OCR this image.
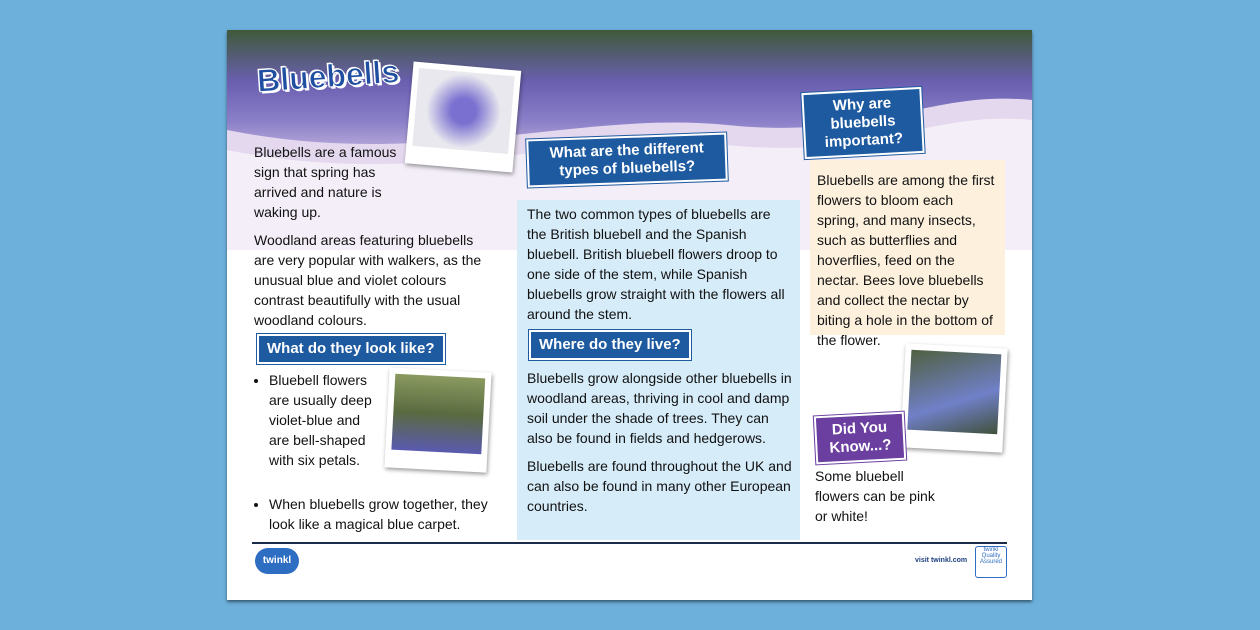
Bluebells

Bluebells are a famous sign that spring has arrived and nature is waking up.

Woodland areas featuring bluebells are very popular with walkers, as the unusual blue and violet colours contrast beautifully with the usual woodland colours.

What do they look like?
• Bluebell flowers are usually deep violet-blue and are bell-shaped with six petals.
• When bluebells grow together, they look like a magical blue carpet.
What are the different types of bluebells?
The two common types of bluebells are the British bluebell and the Spanish bluebell. British bluebell flowers droop to one side of the stem, while Spanish bluebells grow straight with the flowers all around the stem.
Where do they live?

Bluebells grow alongside other bluebells in woodland areas, thriving in cool and damp soil under the shade of trees. They can also be found in fields and hedgerows.

Bluebells are found throughout the UK and can also be found in many other European countries.

Why are bluebells important?
Bluebells are among the first flowers to bloom each spring, and many insects, such as butterflies and hoverflies, feed on the nectar. Bees love bluebells and collect the nectar by biting a hole in the bottom of the flower.
Did You Know...?
Some bluebell flowers can be pink or white!
twinkl	visit twinkl.com
twinkl Quality Assured
